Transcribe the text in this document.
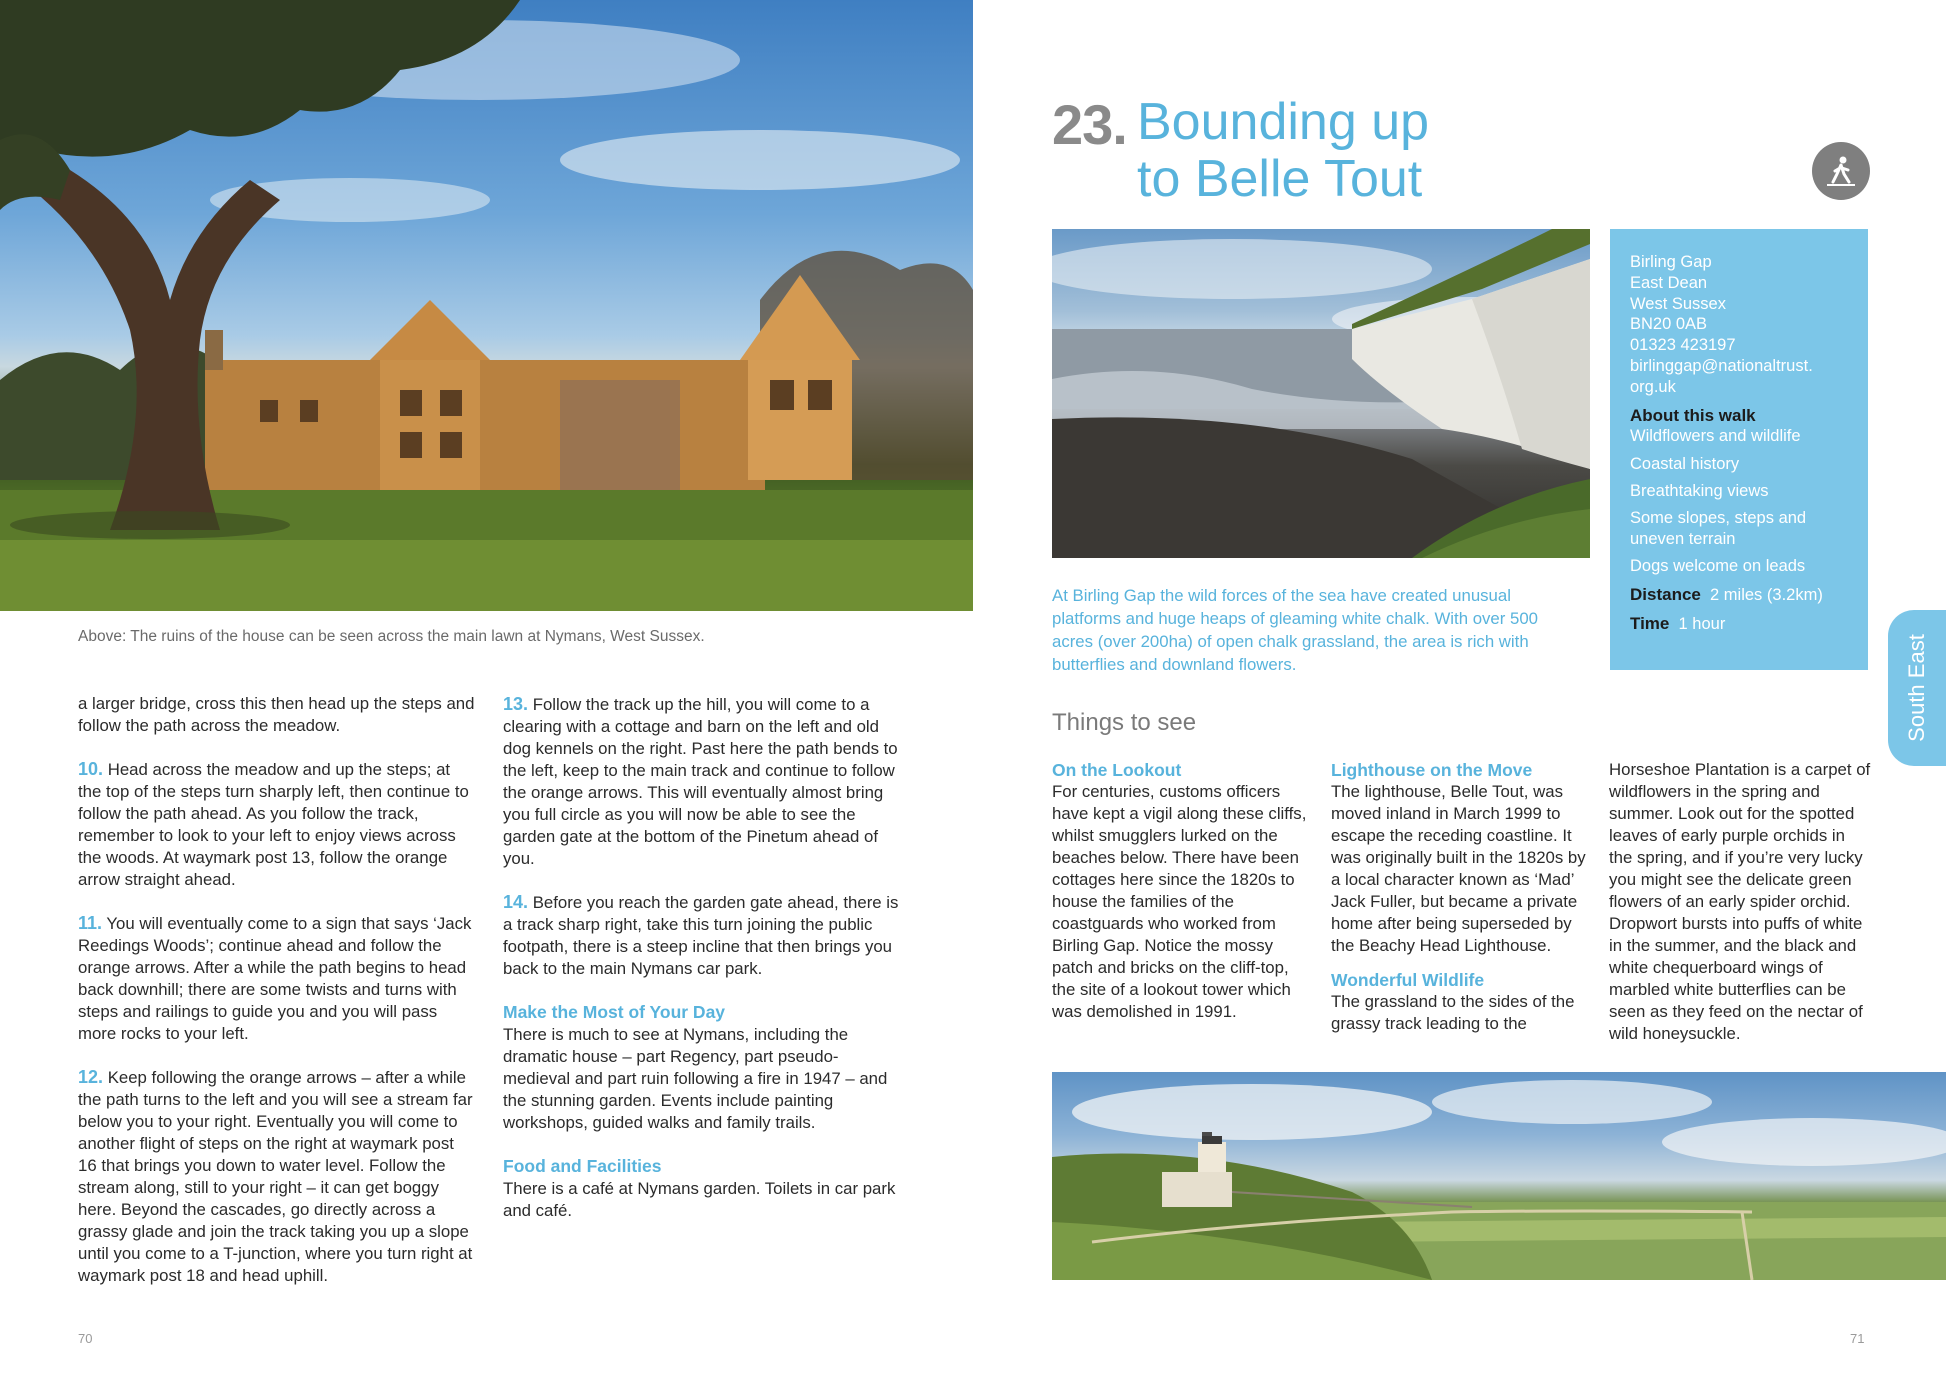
Above: The ruins of the house can be seen across the main lawn at Nymans, West Sussex.

a larger bridge, cross this then head up the steps and follow the path across the meadow.

10. Head across the meadow and up the steps; at the top of the steps turn sharply left, then continue to follow the path ahead. As you follow the track, remember to look to your left to enjoy views across the woods. At waymark post 13, follow the orange arrow straight ahead.

11. You will eventually come to a sign that says ‘Jack Reedings Woods’; continue ahead and follow the orange arrows. After a while the path begins to head back downhill; there are some twists and turns with steps and railings to guide you and you will pass more rocks to your left.

12. Keep following the orange arrows – after a while the path turns to the left and you will see a stream far below you to your right. Eventually you will come to another flight of steps on the right at waymark post 16 that brings you down to water level. Follow the stream along, still to your right – it can get boggy here. Beyond the cascades, go directly across a grassy glade and join the track taking you up a slope until you come to a T-junction, where you turn right at waymark post 18 and head uphill.

13. Follow the track up the hill, you will come to a clearing with a cottage and barn on the left and old dog kennels on the right. Past here the path bends to the left, keep to the main track and continue to follow the orange arrows. This will eventually almost bring you full circle as you will now be able to see the garden gate at the bottom of the Pinetum ahead of you.

14. Before you reach the garden gate ahead, there is a track sharp right, take this turn joining the public footpath, there is a steep incline that then brings you back to the main Nymans car park.

Make the Most of Your Day
There is much to see at Nymans, including the dramatic house – part Regency, part pseudo-medieval and part ruin following a fire in 1947 – and the stunning garden. Events include painting workshops, guided walks and family trails.

Food and Facilities
There is a café at Nymans garden. Toilets in car park and café.

23. Bounding up
to Belle Tout
Birling Gap
East Dean
West Sussex
BN20 0AB
01323 423197
birlinggap@nationaltrust.
org.uk
About this walk
Wildflowers and wildlife
Coastal history
Breathtaking views
Some slopes, steps and uneven terrain
Dogs welcome on leads
Distance 2 miles (3.2km)
Time 1 hour
South East
At Birling Gap the wild forces of the sea have created unusual platforms and huge heaps of gleaming white chalk. With over 500 acres (over 200ha) of open chalk grassland, the area is rich with butterflies and downland flowers.
Things to see
On the Lookout

For centuries, customs officers have kept a vigil along these cliffs, whilst smugglers lurked on the beaches below. There have been cottages here since the 1820s to house the families of the coastguards who worked from Birling Gap. Notice the mossy patch and bricks on the cliff-top, the site of a lookout tower which was demolished in 1991.

Lighthouse on the Move

The lighthouse, Belle Tout, was moved inland in March 1999 to escape the receding coastline. It was originally built in the 1820s by a local character known as ‘Mad’ Jack Fuller, but became a private home after being superseded by the Beachy Head Lighthouse.

Wonderful Wildlife

The grassland to the sides of the grassy track leading to the

Horseshoe Plantation is a carpet of wildflowers in the spring and summer. Look out for the spotted leaves of early purple orchids in the spring, and if you’re very lucky you might see the delicate green flowers of an early spider orchid. Dropwort bursts into puffs of white in the summer, and the black and white chequerboard wings of marbled white butterflies can be seen as they feed on the nectar of wild honeysuckle.

70	71
